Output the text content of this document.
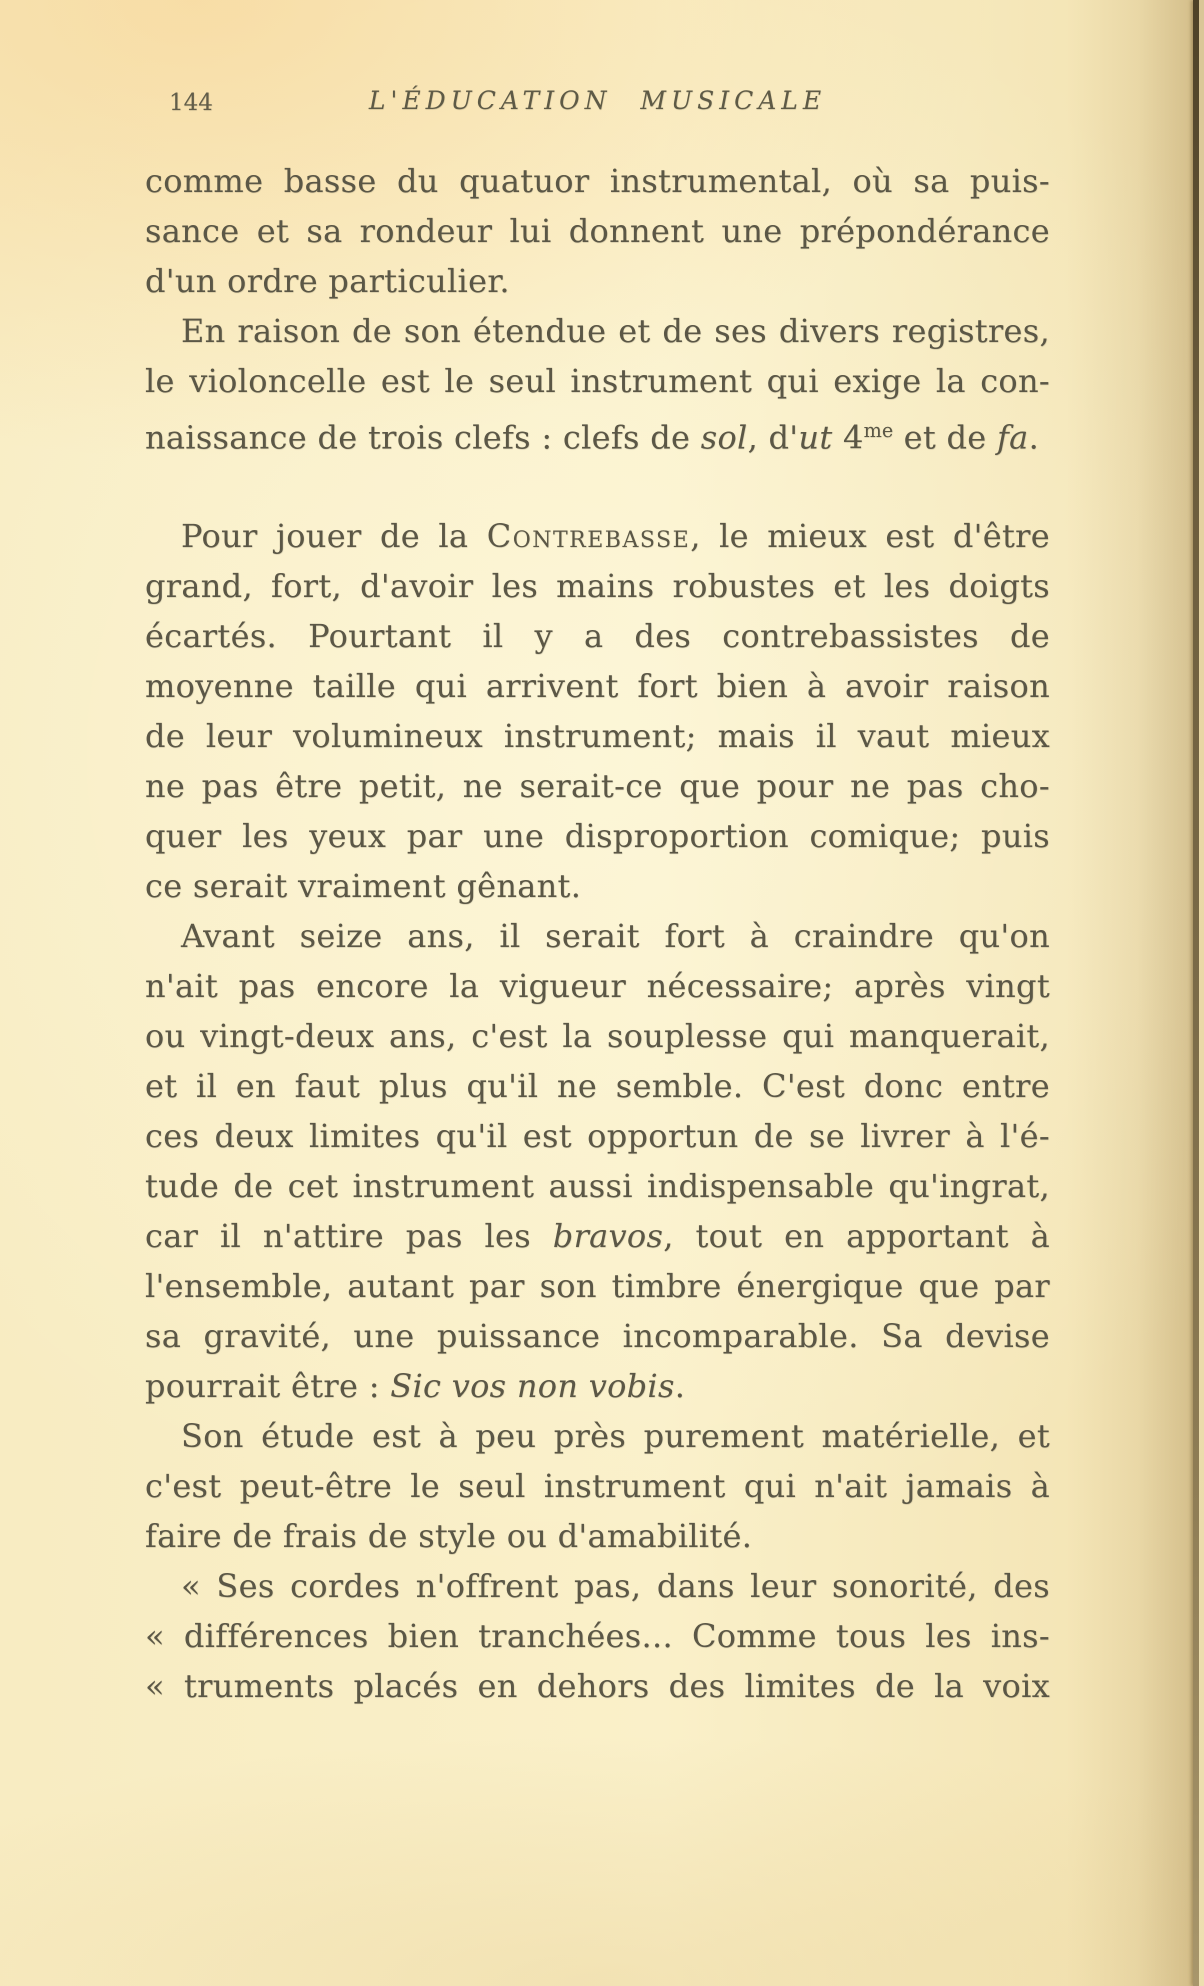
144	L'ÉDUCATION MUSICALE
comme basse du quatuor instrumental, où sa puis-
sance et sa rondeur lui donnent une prépondérance
d'un ordre particulier.
En raison de son étendue et de ses divers registres,
le violoncelle est le seul instrument qui exige la con-
naissance de trois clefs : clefs de sol, d'ut $4^{me}$ et de fa.
Pour jouer de la Contrebasse, le mieux est d'être
grand, fort, d'avoir les mains robustes et les doigts
écartés. Pourtant il y a des contrebassistes de
moyenne taille qui arrivent fort bien à avoir raison
de leur volumineux instrument; mais il vaut mieux
ne pas être petit, ne serait-ce que pour ne pas cho-
quer les yeux par une disproportion comique; puis
ce serait vraiment gênant.
Avant seize ans, il serait fort à craindre qu'on
n'ait pas encore la vigueur nécessaire; après vingt
ou vingt-deux ans, c'est la souplesse qui manquerait,
et il en faut plus qu'il ne semble. C'est donc entre
ces deux limites qu'il est opportun de se livrer à l'é-
tude de cet instrument aussi indispensable qu'ingrat,
car il n'attire pas les bravos, tout en apportant à
l'ensemble, autant par son timbre énergique que par
sa gravité, une puissance incomparable. Sa devise
pourrait être : Sic vos non vobis.
Son étude est à peu près purement matérielle, et
c'est peut-être le seul instrument qui n'ait jamais à
faire de frais de style ou d'amabilité.
« Ses cordes n'offrent pas, dans leur sonorité, des
« différences bien tranchées... Comme tous les ins-
« truments placés en dehors des limites de la voix
